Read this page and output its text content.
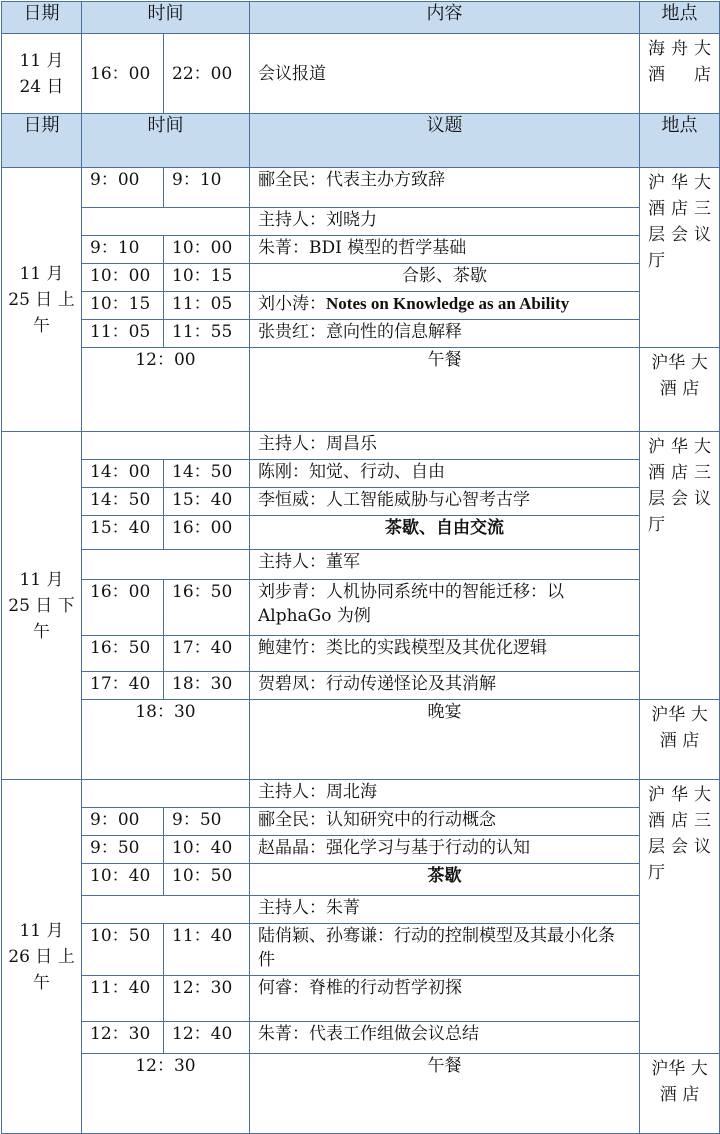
日期	时间		内容	地点
11 月 24 日	16：00	22：00	会议报道	海 舟 大 酒 店
日期	时间		议题	地点
11 月 25 日 上 午	9：00	9：10	郦全民：代表主办方致辞	沪 华 大 酒 店 三 层 会 议厅
			主持人：刘晓力	
	9：10	10：00	朱菁：BDI 模型的哲学基础	
	10：00	10：15	合影、茶歇	
	10：15	11：05	刘小涛：Notes on Knowledge as an Ability	
	11：05	11：55	张贵红：意向性的信息解释	
	12：00		午餐	沪华 大酒 店
11 月 25 日 下 午			主持人：周昌乐	沪 华 大 酒 店 三 层 会 议厅
	14：00	14：50	陈刚：知觉、行动、自由	
	14：50	15：40	李恒威：人工智能威胁与心智考古学	
	15：40	16：00	茶歇、自由交流	
			主持人：董军	
	16：00	16：50	刘步青：人机协同系统中的智能迁移：以 AlphaGo 为例	
	16：50	17：40	鲍建竹：类比的实践模型及其优化逻辑	
	17：40	18：30	贺碧凤：行动传递怪论及其消解	
	18：30		晚宴	沪华 大酒 店
11 月 26 日 上 午			主持人：周北海	沪 华 大 酒 店 三 层 会 议厅
	9：00	9：50	郦全民：认知研究中的行动概念	
	9：50	10：40	赵晶晶：强化学习与基于行动的认知	
	10：40	10：50	茶歇	
			主持人：朱菁	
	10：50	11：40	陆俏颖、孙骞谦：行动的控制模型及其最小化条件	
	11：40	12：30	何睿：脊椎的行动哲学初探	
	12：30	12：40	朱菁：代表工作组做会议总结	
	12：30		午餐	沪华 大酒 店
